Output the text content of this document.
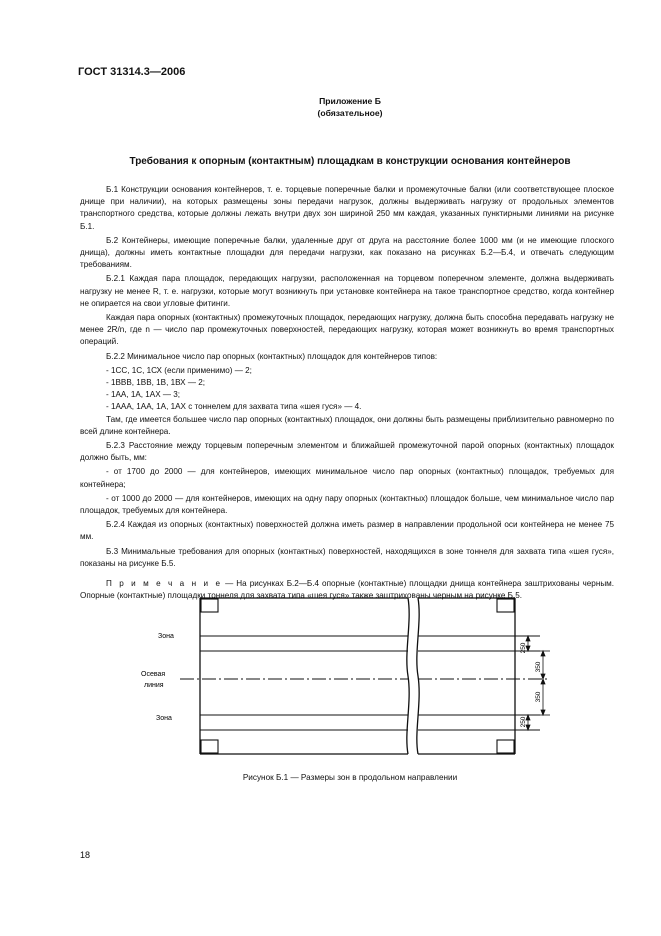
ГОСТ 31314.3—2006
Приложение Б
(обязательное)
Требования к опорным (контактным) площадкам в конструкции основания контейнеров

Б.1 Конструкции основания контейнеров, т. е. торцевые поперечные балки и промежуточные балки (или соответствующее плоское днище при наличии), на которых размещены зоны передачи нагрузок, должны выдерживать нагрузку от продольных элементов транспортного средства, которые должны лежать внутри двух зон шириной 250 мм каждая, указанных пунктирными линиями на рисунке Б.1.

Б.2 Контейнеры, имеющие поперечные балки, удаленные друг от друга на расстояние более 1000 мм (и не имеющие плоского днища), должны иметь контактные площадки для передачи нагрузки, как показано на рисунках Б.2—Б.4, и отвечать следующим требованиям.

Б.2.1 Каждая пара площадок, передающих нагрузки, расположенная на торцевом поперечном элементе, должна выдерживать нагрузку не менее R, т. е. нагрузки, которые могут возникнуть при установке контейнера на такое транспортное средство, когда контейнер не опирается на свои угловые фитинги.

Каждая пара опорных (контактных) промежуточных площадок, передающих нагрузку, должна быть способна передавать нагрузку не менее 2R/n, где n — число пар промежуточных поверхностей, передающих нагрузку, которая может возникнуть во время транспортных операций.

Б.2.2 Минимальное число пар опорных (контактных) площадок для контейнеров типов:

- 1СС, 1С, 1СХ (если применимо) — 2;

- 1ВВВ, 1ВВ, 1В, 1ВХ — 2;

- 1АА, 1А, 1АХ — 3;

- 1ААА, 1АА, 1А, 1АХ с тоннелем для захвата типа «шея гуся» — 4.

Там, где имеется большее число пар опорных (контактных) площадок, они должны быть размещены приблизительно равномерно по всей длине контейнера.

Б.2.3 Расстояние между торцевым поперечным элементом и ближайшей промежуточной парой опорных (контактных) площадок должно быть, мм:

- от 1700 до 2000 — для контейнеров, имеющих минимальное число пар опорных (контактных) площадок, требуемых для контейнера;

- от 1000 до 2000 — для контейнеров, имеющих на одну пару опорных (контактных) площадок больше, чем минимальное число пар площадок, требуемых для контейнера.

Б.2.4 Каждая из опорных (контактных) поверхностей должна иметь размер в направлении продольной оси контейнера не менее 75 мм.

Б.3 Минимальные требования для опорных (контактных) поверхностей, находящихся в зоне тоннеля для захвата типа «шея гуся», показаны на рисунке Б.5.

П р и м е ч а н и е — На рисунках Б.2—Б.4 опорные (контактные) площадки днища контейнера заштрихованы черным. Опорные (контактные) площадки тоннеля для захвата типа «шея гуся» также заштрихованы черным на рисунке Б.5.

250
350
350
250
Зона
Осевая
линия
Зона
Рисунок Б.1 — Размеры зон в продольном направлении
18
